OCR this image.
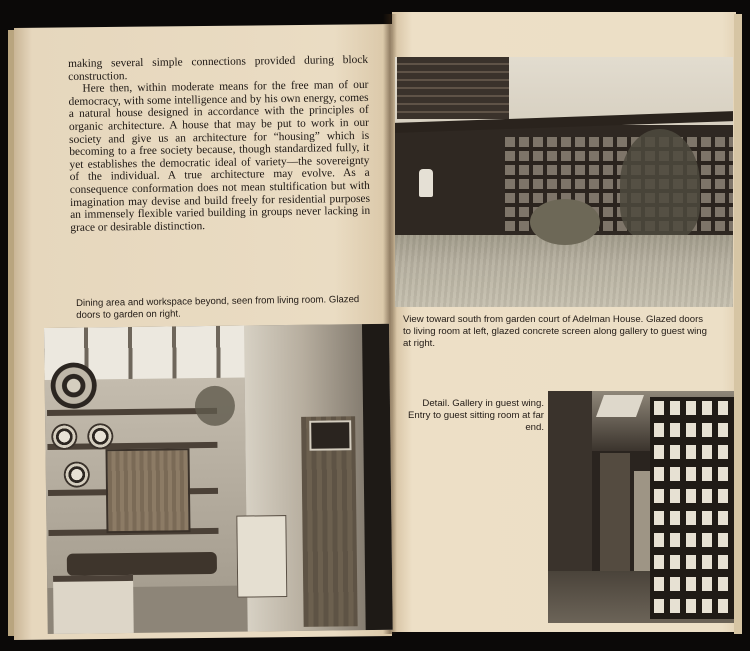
making several simple connections provided during block construction.

Here then, within moderate means for the free man of our democracy, with some intelligence and by his own energy, comes a natural house designed in accordance with the principles of organic architecture. A house that may be put to work in our society and give us an architecture for “housing” which is becoming to a free society because, though standardized fully, it yet establishes the democratic ideal of variety—the sovereignty of the individual. A true architecture may evolve. As a consequence conformation does not mean stultification but with imagination may devise and build freely for residential purposes an immensely flexible varied building in groups never lacking in grace or desirable distinction.

Dining area and workspace beyond, seen from living room. Glazed doors to garden on right.	View toward south from garden court of Adelman House. Glazed doors to living room at left, glazed concrete screen along gallery to guest wing at right.
Detail. Gallery in guest wing. Entry to guest sitting room at far end.
